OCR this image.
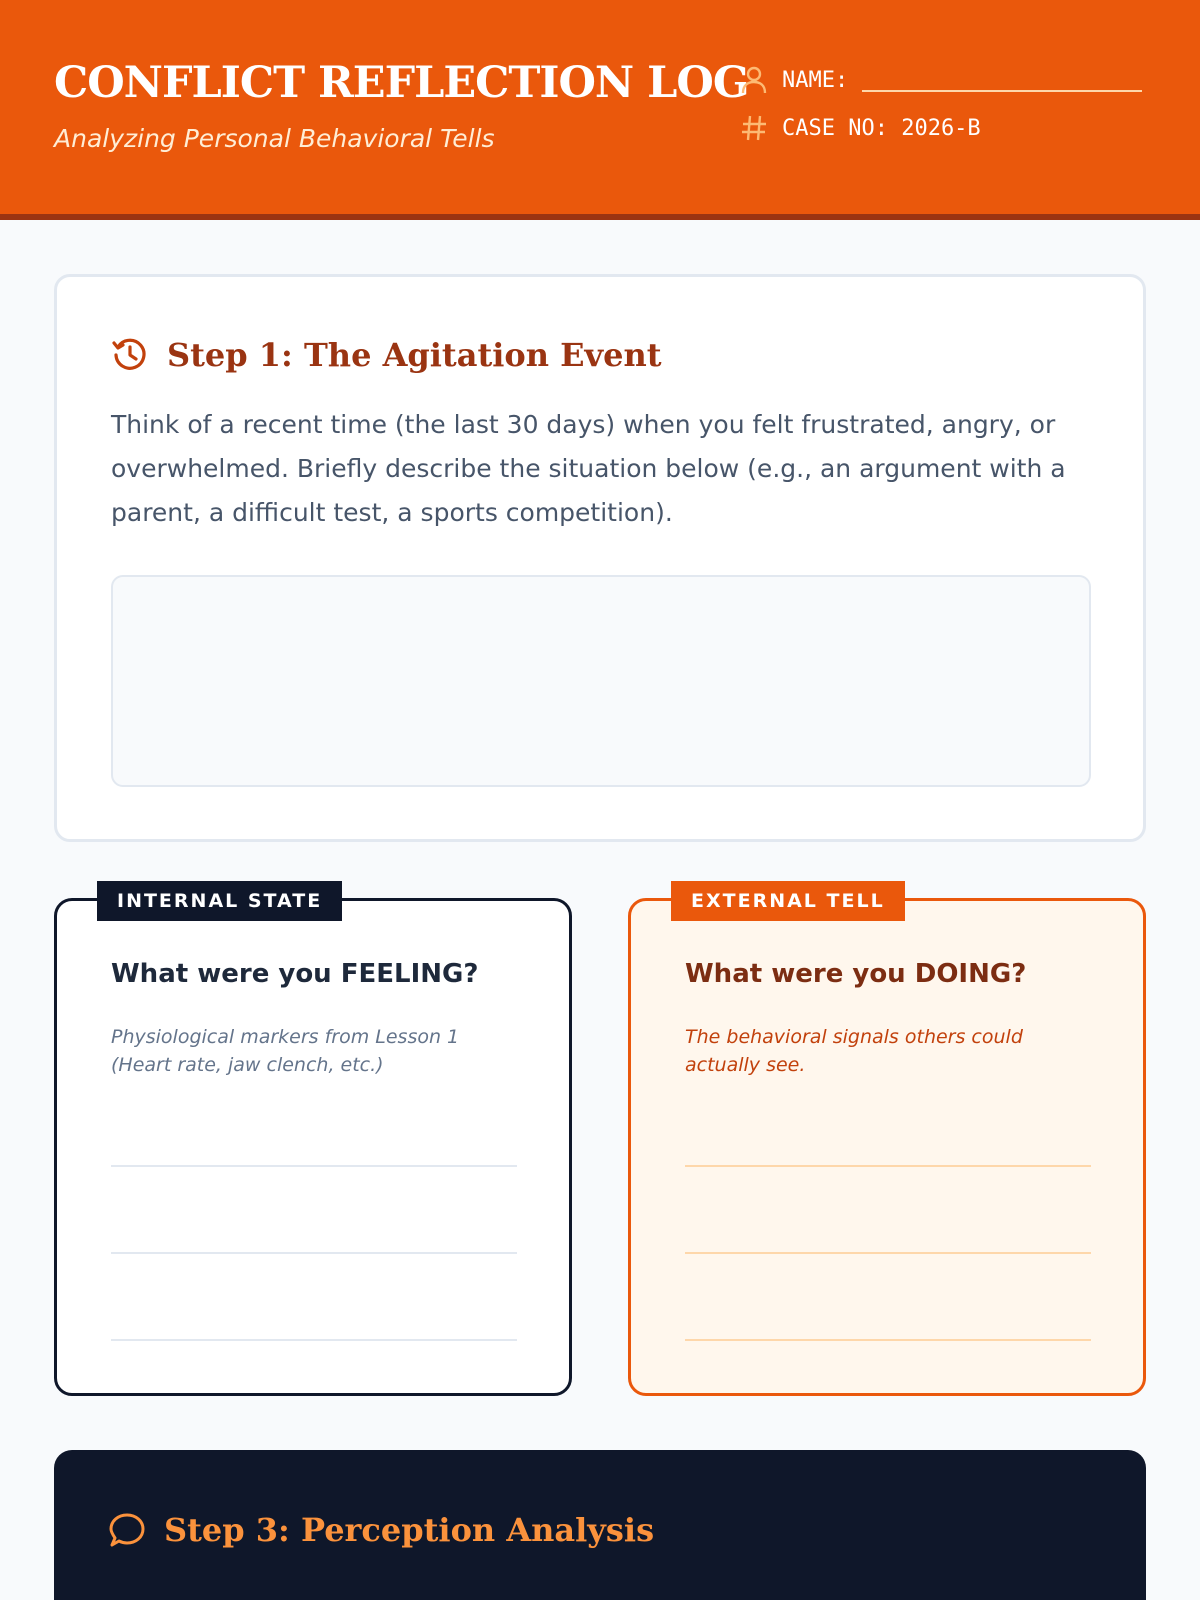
CONFLICT REFLECTION LOG
Analyzing Personal Behavioral Tells
NAME:
CASE NO: 2026-B
Step 1: The Agitation Event

Think of a recent time (the last 30 days) when you felt frustrated, angry, or overwhelmed. Briefly describe the situation below (e.g., an argument with a parent, a difficult test, a sports competition).

INTERNAL STATE
What were you FEELING?

Physiological markers from Lesson 1 (Heart rate, jaw clench, etc.)

EXTERNAL TELL
What were you DOING?

The behavioral signals others could actually see.

Step 3: Perception Analysis
